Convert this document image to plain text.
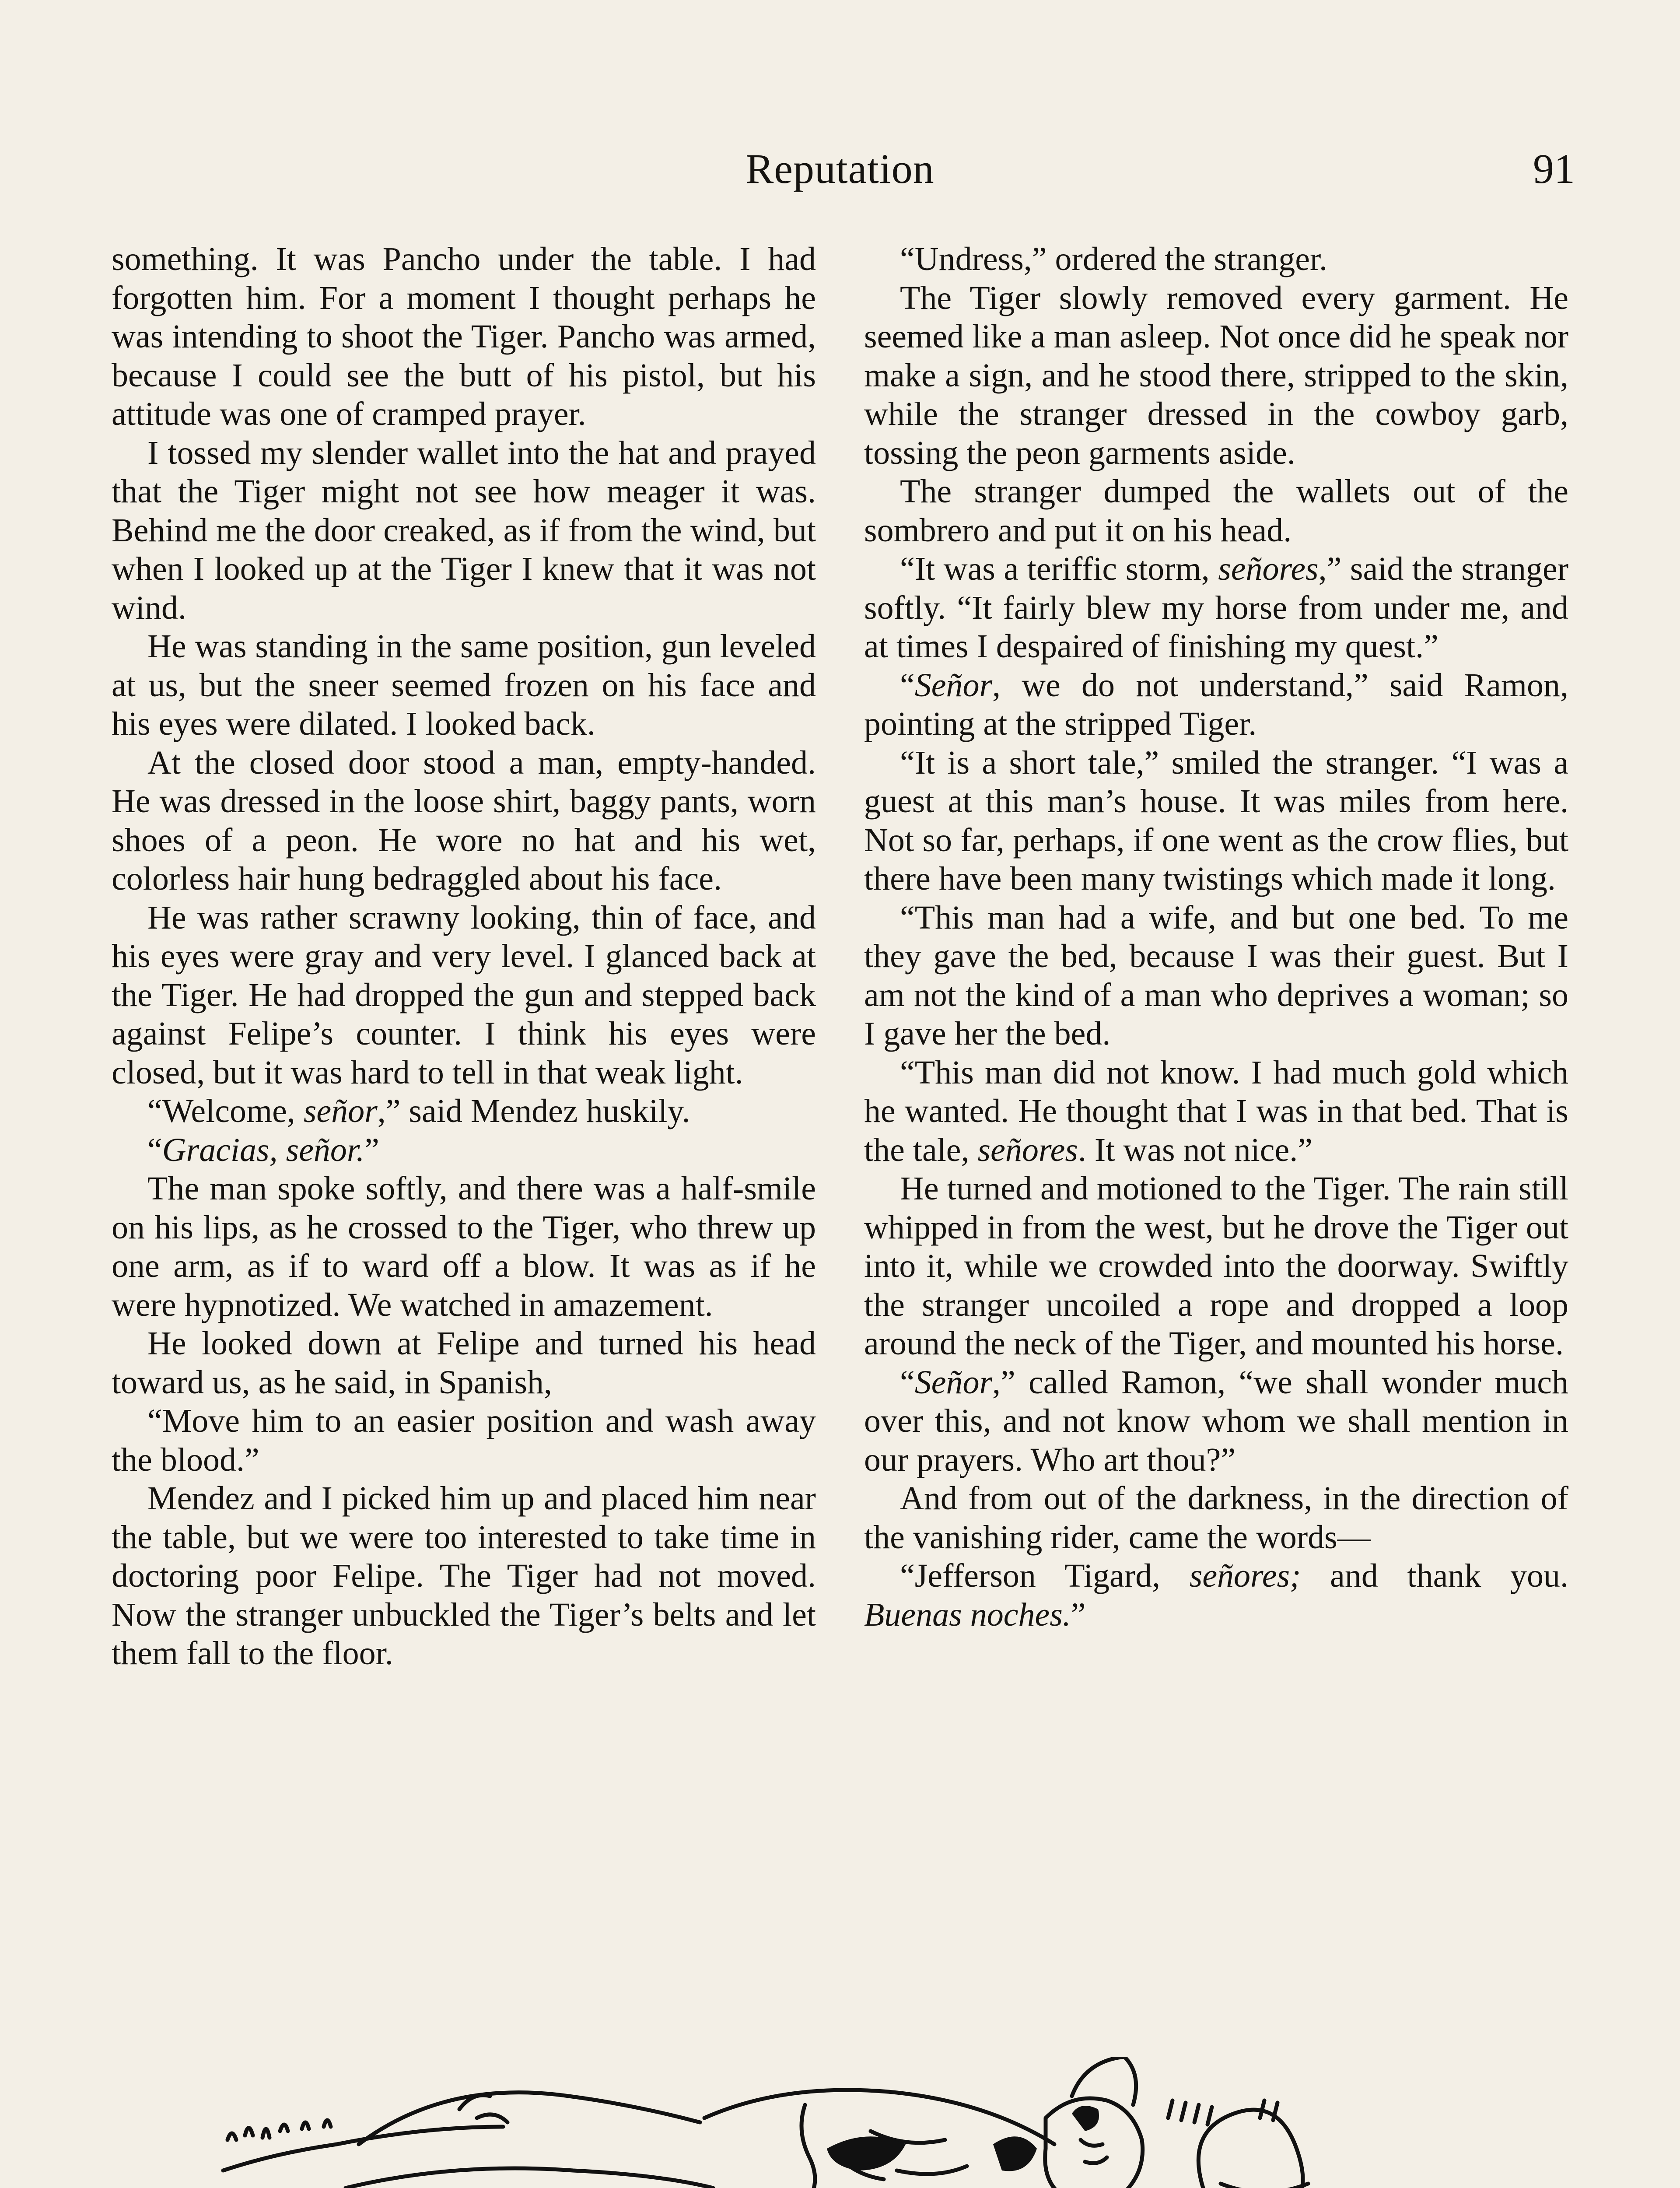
Reputation	91

something. It was Pancho under the table. I had forgotten him. For a moment I thought perhaps he was intending to shoot the Tiger. Pancho was armed, because I could see the butt of his pistol, but his attitude was one of cramped prayer.

I tossed my slender wallet into the hat and prayed that the Tiger might not see how meager it was. Behind me the door creaked, as if from the wind, but when I looked up at the Tiger I knew that it was not wind.

He was standing in the same position, gun leveled at us, but the sneer seemed frozen on his face and his eyes were dilated. I looked back.

At the closed door stood a man, empty-handed. He was dressed in the loose shirt, baggy pants, worn shoes of a peon. He wore no hat and his wet, colorless hair hung bedraggled about his face.

He was rather scrawny looking, thin of face, and his eyes were gray and very level. I glanced back at the Tiger. He had dropped the gun and stepped back against Felipe’s counter. I think his eyes were closed, but it was hard to tell in that weak light.

“Welcome, señor,” said Mendez huskily.

“Gracias, señor.”

The man spoke softly, and there was a half-smile on his lips, as he crossed to the Tiger, who threw up one arm, as if to ward off a blow. It was as if he were hypnotized. We watched in amazement.

He looked down at Felipe and turned his head toward us, as he said, in Spanish,

“Move him to an easier position and wash away the blood.”

Mendez and I picked him up and placed him near the table, but we were too interested to take time in doctoring poor Felipe. The Tiger had not moved. Now the stranger unbuckled the Tiger’s belts and let them fall to the floor.

“Undress,” ordered the stranger.

The Tiger slowly removed every garment. He seemed like a man asleep. Not once did he speak nor make a sign, and he stood there, stripped to the skin, while the stranger dressed in the cowboy garb, tossing the peon garments aside.

The stranger dumped the wallets out of the sombrero and put it on his head.

“It was a teriffic storm, señores,” said the stranger softly. “It fairly blew my horse from under me, and at times I despaired of finishing my quest.”

“Señor, we do not understand,” said Ramon, pointing at the stripped Tiger.

“It is a short tale,” smiled the stranger. “I was a guest at this man’s house. It was miles from here. Not so far, perhaps, if one went as the crow flies, but there have been many twistings which made it long.

“This man had a wife, and but one bed. To me they gave the bed, because I was their guest. But I am not the kind of a man who deprives a woman; so I gave her the bed.

“This man did not know. I had much gold which he wanted. He thought that I was in that bed. That is the tale, señores. It was not nice.”

He turned and motioned to the Tiger. The rain still whipped in from the west, but he drove the Tiger out into it, while we crowded into the doorway. Swiftly the stranger uncoiled a rope and dropped a loop around the neck of the Tiger, and mounted his horse.

“Señor,” called Ramon, “we shall wonder much over this, and not know whom we shall mention in our prayers. Who art thou?”

And from out of the darkness, in the direction of the vanishing rider, came the words—

“Jefferson Tigard, señores; and thank you. Buenas noches.”
